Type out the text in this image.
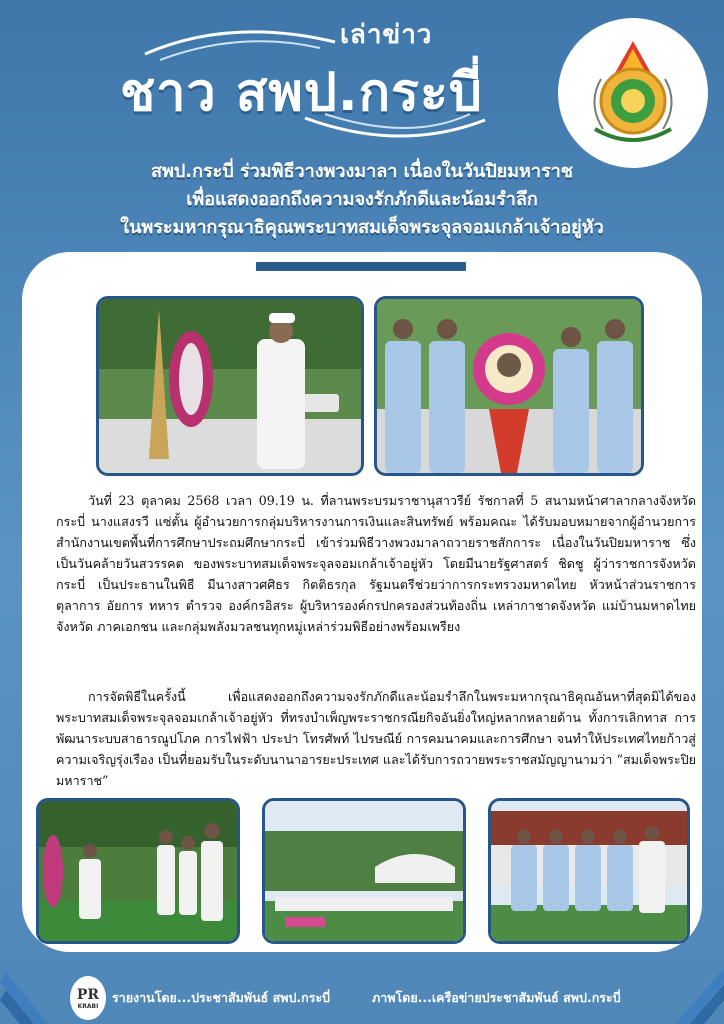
เล่าข่าว
ชาว สพป.กระบี่
สพป.กระบี่ ร่วมพิธีวางพวงมาลา เนื่องในวันปิยมหาราช
เพื่อแสดงออกถึงความจงรักภักดีและน้อมรำลึก
ในพระมหากรุณาธิคุณพระบาทสมเด็จพระจุลจอมเกล้าเจ้าอยู่หัว

วันที่ 23 ตุลาคม 2568 เวลา 09.19 น. ที่ลานพระบรมราชานุสาวรีย์ รัชกาลที่ 5 สนามหน้าศาลากลางจังหวัดกระบี่ นางแสงรวี แซ่ตั้น ผู้อำนวยการกลุ่มบริหารงานการเงินและสินทรัพย์ พร้อมคณะ ได้รับมอบหมายจากผู้อำนวยการสำนักงานเขตพื้นที่การศึกษาประถมศึกษากระบี่ เข้าร่วมพิธีวางพวงมาลาถวายราชสักการะ เนื่องในวันปิยมหาราช ซึ่งเป็นวันคล้ายวันสวรรคต ของพระบาทสมเด็จพระจุลจอมเกล้าเจ้าอยู่หัว โดยมีนายรัฐศาสตร์ ชิดชู ผู้ว่าราชการจังหวัดกระบี่ เป็นประธานในพิธี มีนางสาวศศิธร กิตติธรกุล รัฐมนตรีช่วยว่าการกระทรวงมหาดไทย หัวหน้าส่วนราชการ ตุลาการ อัยการ ทหาร ตำรวจ องค์กรอิสระ ผู้บริหารองค์กรปกครองส่วนท้องถิ่น เหล่ากาชาดจังหวัด แม่บ้านมหาดไทยจังหวัด ภาคเอกชน และกลุ่มพลังมวลชนทุกหมู่เหล่าร่วมพิธีอย่างพร้อมเพรียง

การจัดพิธีในครั้งนี้ เพื่อแสดงออกถึงความจงรักภักดีและน้อมรำลึกในพระมหากรุณาธิคุณอันหาที่สุดมิได้ของพระบาทสมเด็จพระจุลจอมเกล้าเจ้าอยู่หัว ที่ทรงบำเพ็ญพระราชกรณียกิจอันยิ่งใหญ่หลากหลายด้าน ทั้งการเลิกทาส การพัฒนาระบบสาธารณูปโภค การไฟฟ้า ประปา โทรศัพท์ ไปรษณีย์ การคมนาคมและการศึกษา จนทำให้ประเทศไทยก้าวสู่ความเจริญรุ่งเรือง เป็นที่ยอมรับในระดับนานาอารยะประเทศ และได้รับการถวายพระราชสมัญญานามว่า “สมเด็จพระปิยมหาราช”

PR
KRABI
รายงานโดย...ประชาสัมพันธ์ สพป.กระบี่	ภาพโดย...เครือข่ายประชาสัมพันธ์ สพป.กระบี่
